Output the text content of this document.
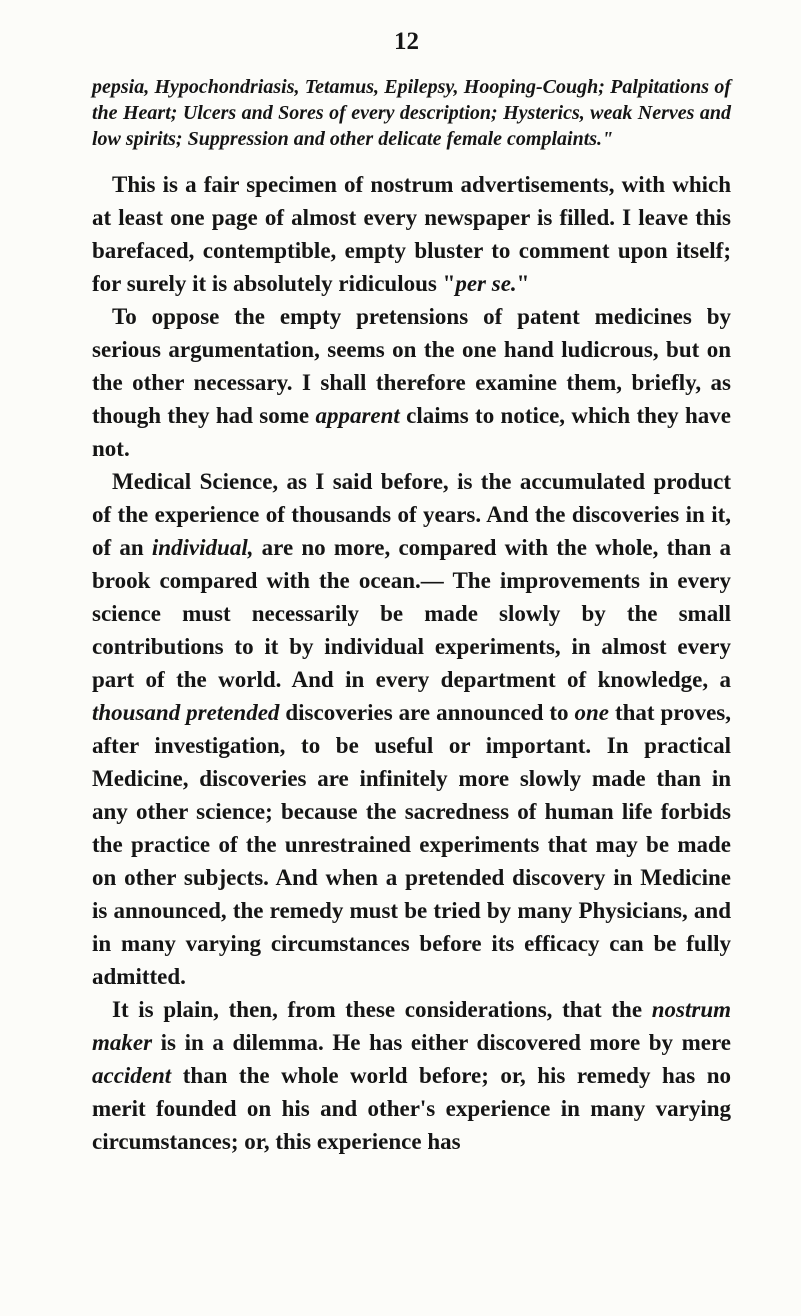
12

pepsia, Hypochondriasis, Tetamus, Epilepsy, Hooping-Cough; Palpitations of the Heart; Ulcers and Sores of every description; Hysterics, weak Nerves and low spirits; Suppression and other delicate female complaints."

This is a fair specimen of nostrum advertisements, with which at least one page of almost every newspaper is filled. I leave this barefaced, contemptible, empty bluster to comment upon itself; for surely it is absolutely ridiculous "per se."

To oppose the empty pretensions of patent medicines by serious argumentation, seems on the one hand ludicrous, but on the other necessary. I shall therefore examine them, briefly, as though they had some apparent claims to notice, which they have not.

Medical Science, as I said before, is the accumulated product of the experience of thousands of years. And the discoveries in it, of an individual, are no more, compared with the whole, than a brook compared with the ocean.— The improvements in every science must necessarily be made slowly by the small contributions to it by individual experiments, in almost every part of the world. And in every department of knowledge, a thousand pretended discoveries are announced to one that proves, after investigation, to be useful or important. In practical Medicine, discoveries are infinitely more slowly made than in any other science; because the sacredness of human life forbids the practice of the unrestrained experiments that may be made on other subjects. And when a pretended discovery in Medicine is announced, the remedy must be tried by many Physicians, and in many varying circumstances before its efficacy can be fully admitted.

It is plain, then, from these considerations, that the nostrum maker is in a dilemma. He has either discovered more by mere accident than the whole world before; or, his remedy has no merit founded on his and other's experience in many varying circumstances; or, this experience has
